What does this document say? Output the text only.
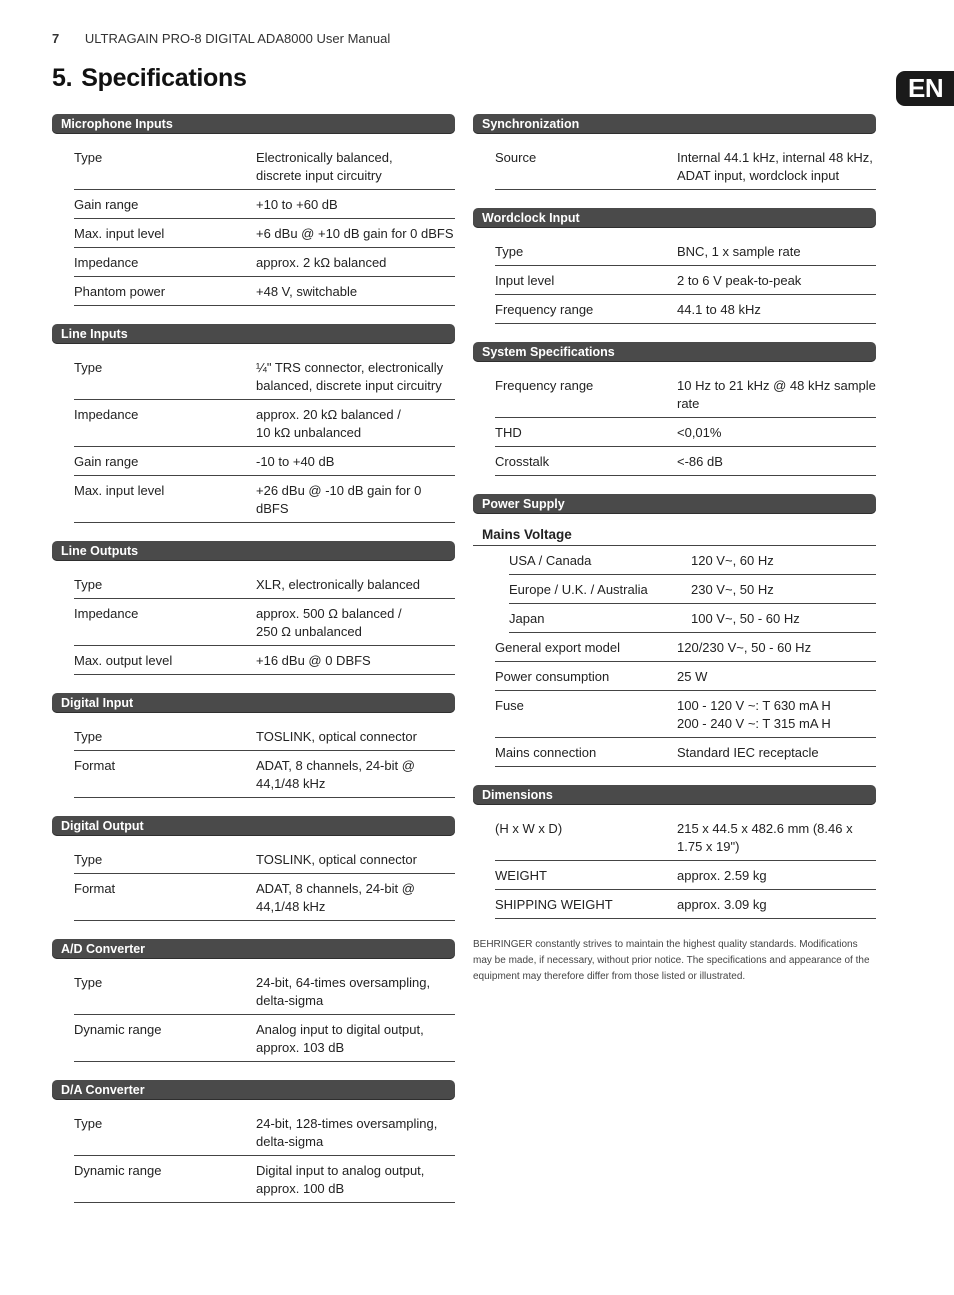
7 ULTRAGAIN PRO-8 DIGITAL ADA8000 User Manual
5. Specifications	EN
Microphone Inputs
Type	Electronically balanced,
discrete input circuitry
Gain range	+10 to +60 dB
Max. input level	+6 dBu @ +10 dB gain for 0 dBFS
Impedance	approx. 2 kΩ balanced
Phantom power	+48 V, switchable
Line Inputs
Type	¼" TRS connector, electronically
balanced, discrete input circuitry
Impedance	approx. 20 kΩ balanced /
10 kΩ unbalanced
Gain range	-10 to +40 dB
Max. input level	+26 dBu @ -10 dB gain for 0 dBFS
Line Outputs
Type	XLR, electronically balanced
Impedance	approx. 500 Ω balanced /
250 Ω unbalanced
Max. output level	+16 dBu @ 0 DBFS
Digital Input
Type	TOSLINK, optical connector
Format	ADAT, 8 channels, 24-bit @ 44,1/48 kHz
Digital Output
Type	TOSLINK, optical connector
Format	ADAT, 8 channels, 24-bit @ 44,1/48 kHz
A/D Converter
Type	24-bit, 64-times oversampling,
delta-sigma
Dynamic range	Analog input to digital output,
approx. 103 dB
D/A Converter
Type	24-bit, 128-times oversampling,
delta-sigma
Dynamic range	Digital input to analog output,
approx. 100 dB
Synchronization
Source	Internal 44.1 kHz, internal 48 kHz,
ADAT input, wordclock input
Wordclock Input
Type	BNC, 1 x sample rate
Input level	2 to 6 V peak-to-peak
Frequency range	44.1 to 48 kHz
System Specifications
Frequency range	10 Hz to 21 kHz @ 48 kHz sample rate
THD	<0,01%
Crosstalk	<-86 dB
Power Supply
Mains Voltage
USA / Canada	120 V~, 60 Hz
Europe / U.K. / Australia	230 V~, 50 Hz
Japan	100 V~, 50 - 60 Hz
General export model	120/230 V~, 50 - 60 Hz
Power consumption	25 W
Fuse	100 - 120 V ~: T 630 mA H
200 - 240 V ~: T 315 mA H
Mains connection	Standard IEC receptacle
Dimensions
(H x W x D)	215 x 44.5 x 482.6 mm (8.46 x 1.75 x 19")
WEIGHT	approx. 2.59 kg
SHIPPING WEIGHT	approx. 3.09 kg
BEHRINGER constantly strives to maintain the highest quality standards. Modifications may be made, if necessary, without prior notice. The specifications and appearance of the equipment may therefore differ from those listed or illustrated.
